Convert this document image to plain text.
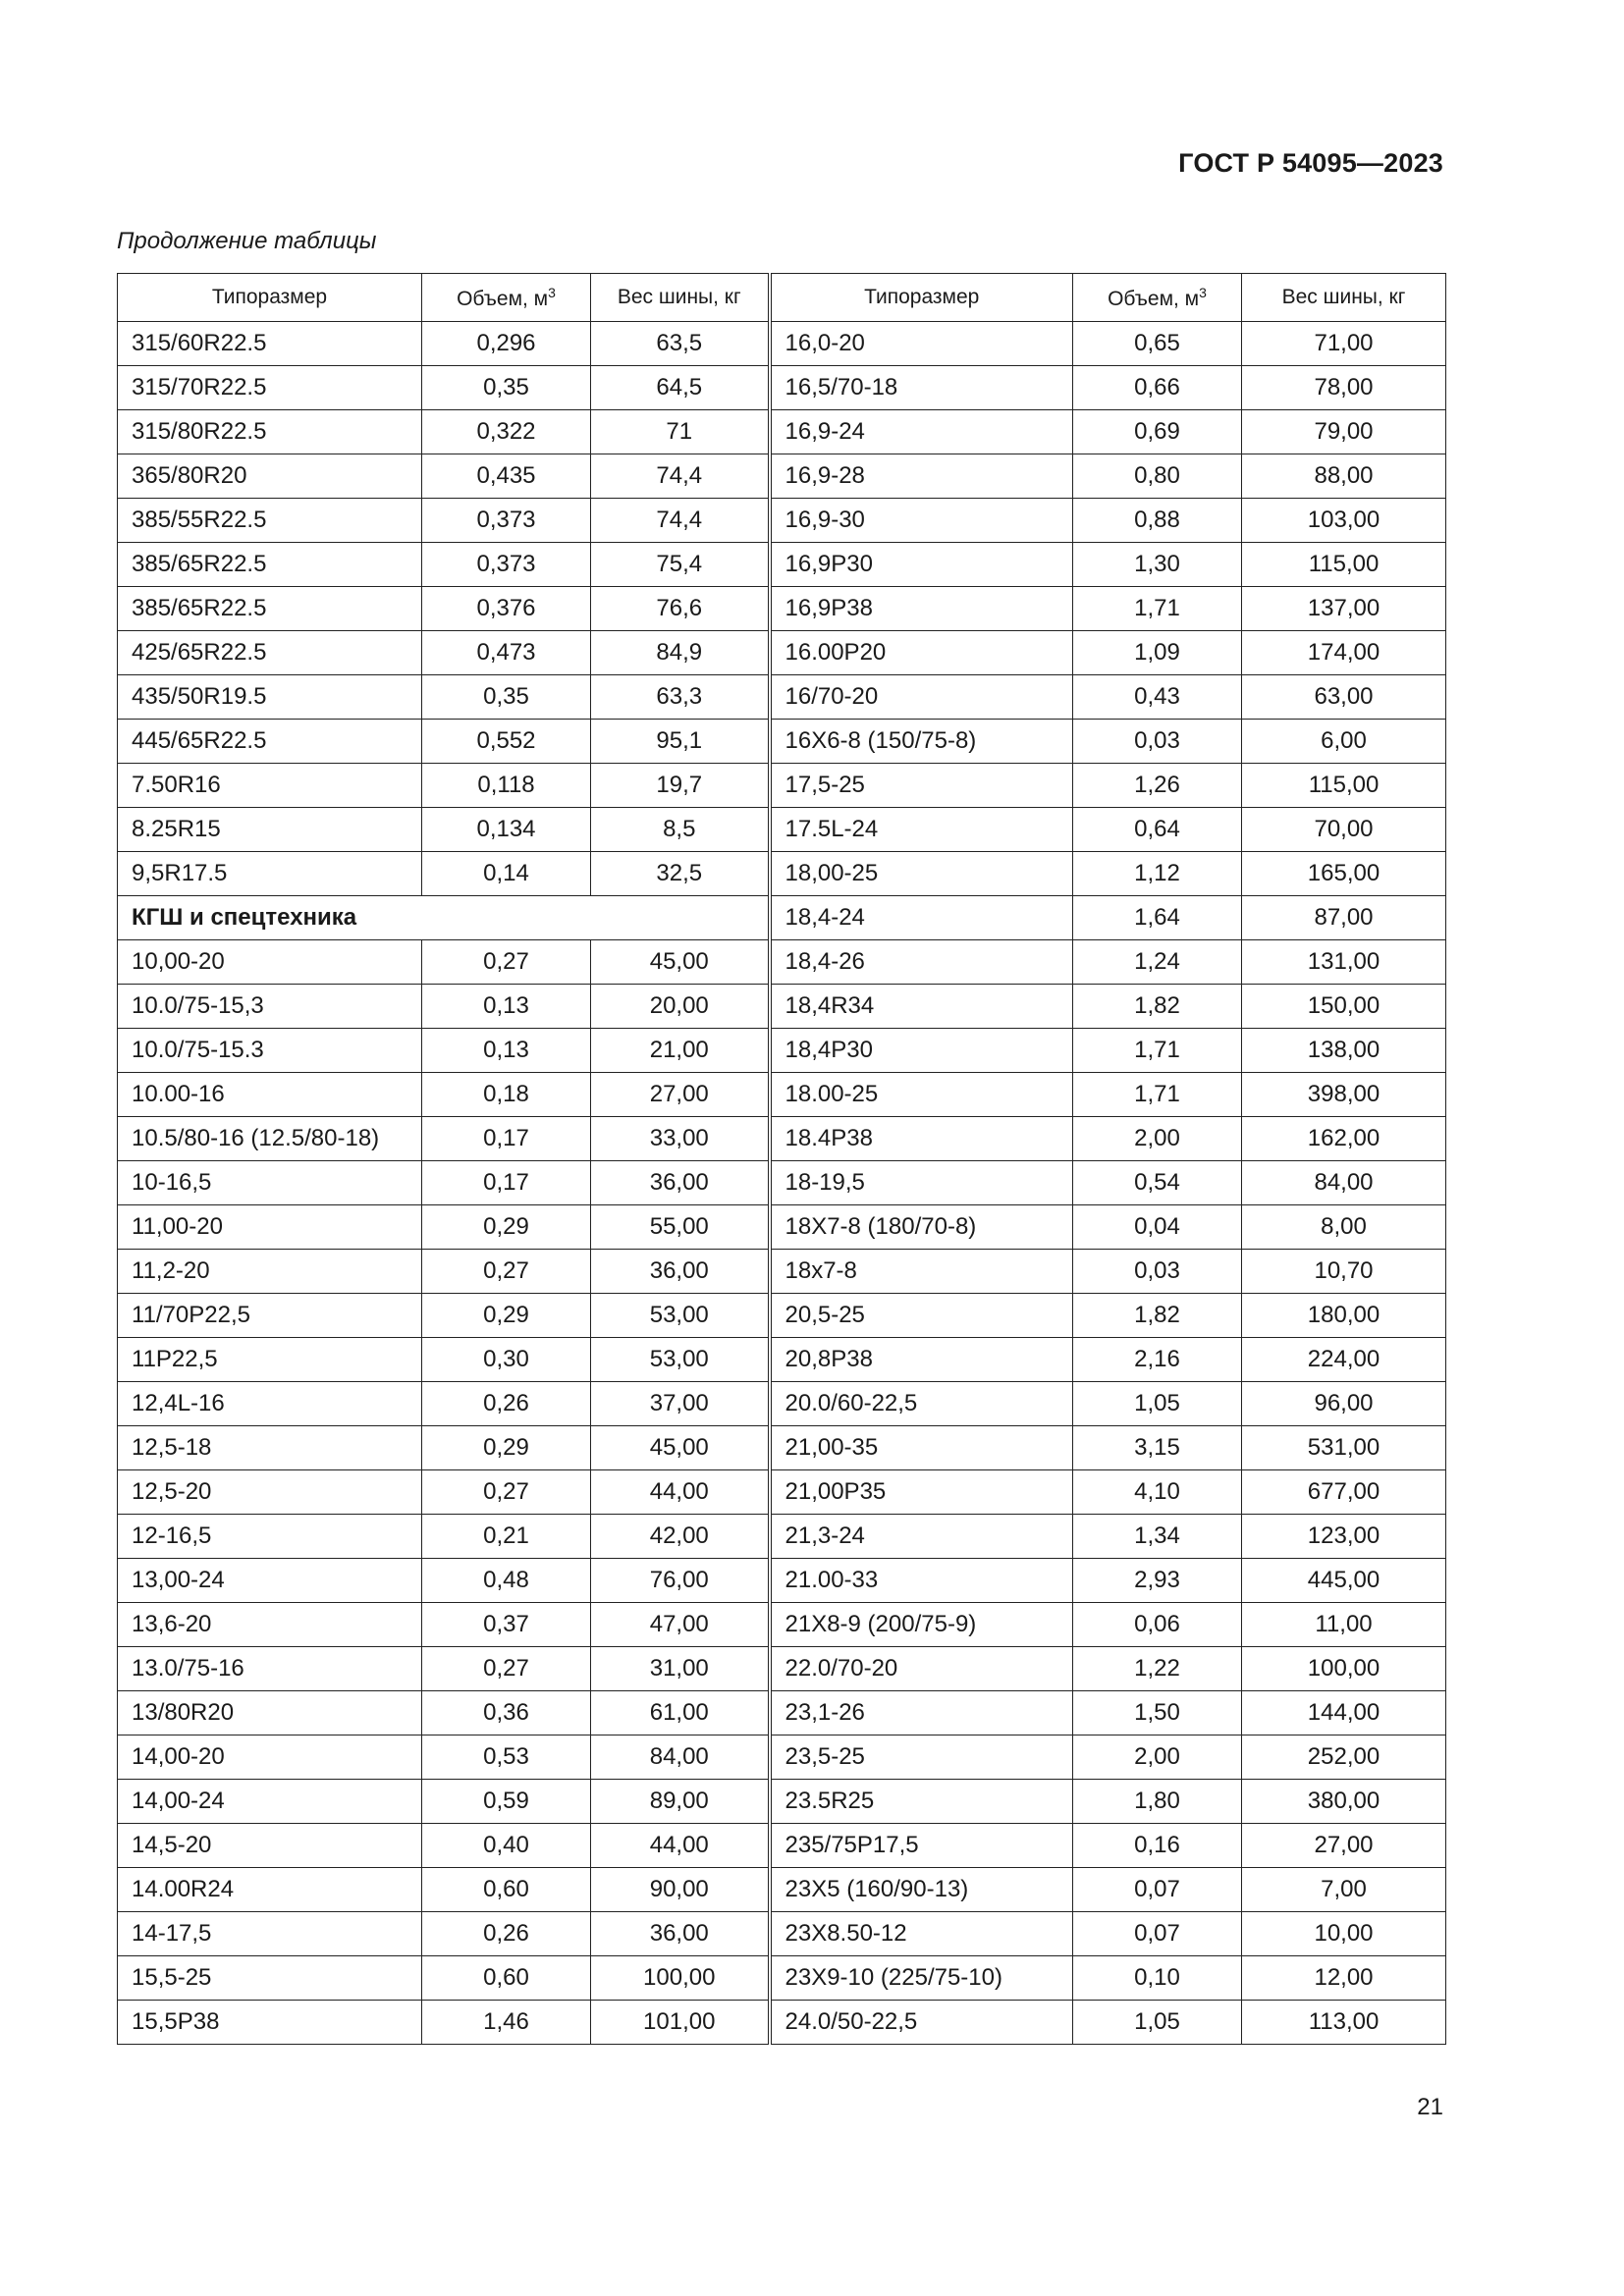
ГОСТ Р 54095—2023
Продолжение таблицы
Типоразмер	Объем, $м^3$	Вес шины, кг	Типоразмер	Объем, $м^3$	Вес шины, кг
315/60R22.5	0,296	63,5	16,0-20	0,65	71,00
315/70R22.5	0,35	64,5	16,5/70-18	0,66	78,00
315/80R22.5	0,322	71	16,9-24	0,69	79,00
365/80R20	0,435	74,4	16,9-28	0,80	88,00
385/55R22.5	0,373	74,4	16,9-30	0,88	103,00
385/65R22.5	0,373	75,4	16,9Р30	1,30	115,00
385/65R22.5	0,376	76,6	16,9Р38	1,71	137,00
425/65R22.5	0,473	84,9	16.00Р20	1,09	174,00
435/50R19.5	0,35	63,3	16/70-20	0,43	63,00
445/65R22.5	0,552	95,1	16Х6-8 (150/75-8)	0,03	6,00
7.50R16	0,118	19,7	17,5-25	1,26	115,00
8.25R15	0,134	8,5	17.5L-24	0,64	70,00
9,5R17.5	0,14	32,5	18,00-25	1,12	165,00
КГШ и спецтехника			18,4-24	1,64	87,00
10,00-20	0,27	45,00	18,4-26	1,24	131,00
10.0/75-15,3	0,13	20,00	18,4R34	1,82	150,00
10.0/75-15.3	0,13	21,00	18,4Р30	1,71	138,00
10.00-16	0,18	27,00	18.00-25	1,71	398,00
10.5/80-16 (12.5/80-18)	0,17	33,00	18.4Р38	2,00	162,00
10-16,5	0,17	36,00	18-19,5	0,54	84,00
11,00-20	0,29	55,00	18Х7-8 (180/70-8)	0,04	8,00
11,2-20	0,27	36,00	18х7-8	0,03	10,70
11/70Р22,5	0,29	53,00	20,5-25	1,82	180,00
11Р22,5	0,30	53,00	20,8Р38	2,16	224,00
12,4L-16	0,26	37,00	20.0/60-22,5	1,05	96,00
12,5-18	0,29	45,00	21,00-35	3,15	531,00
12,5-20	0,27	44,00	21,00Р35	4,10	677,00
12-16,5	0,21	42,00	21,3-24	1,34	123,00
13,00-24	0,48	76,00	21.00-33	2,93	445,00
13,6-20	0,37	47,00	21Х8-9 (200/75-9)	0,06	11,00
13.0/75-16	0,27	31,00	22.0/70-20	1,22	100,00
13/80R20	0,36	61,00	23,1-26	1,50	144,00
14,00-20	0,53	84,00	23,5-25	2,00	252,00
14,00-24	0,59	89,00	23.5R25	1,80	380,00
14,5-20	0,40	44,00	235/75Р17,5	0,16	27,00
14.00R24	0,60	90,00	23Х5 (160/90-13)	0,07	7,00
14-17,5	0,26	36,00	23Х8.50-12	0,07	10,00
15,5-25	0,60	100,00	23Х9-10 (225/75-10)	0,10	12,00
15,5Р38	1,46	101,00	24.0/50-22,5	1,05	113,00
21
